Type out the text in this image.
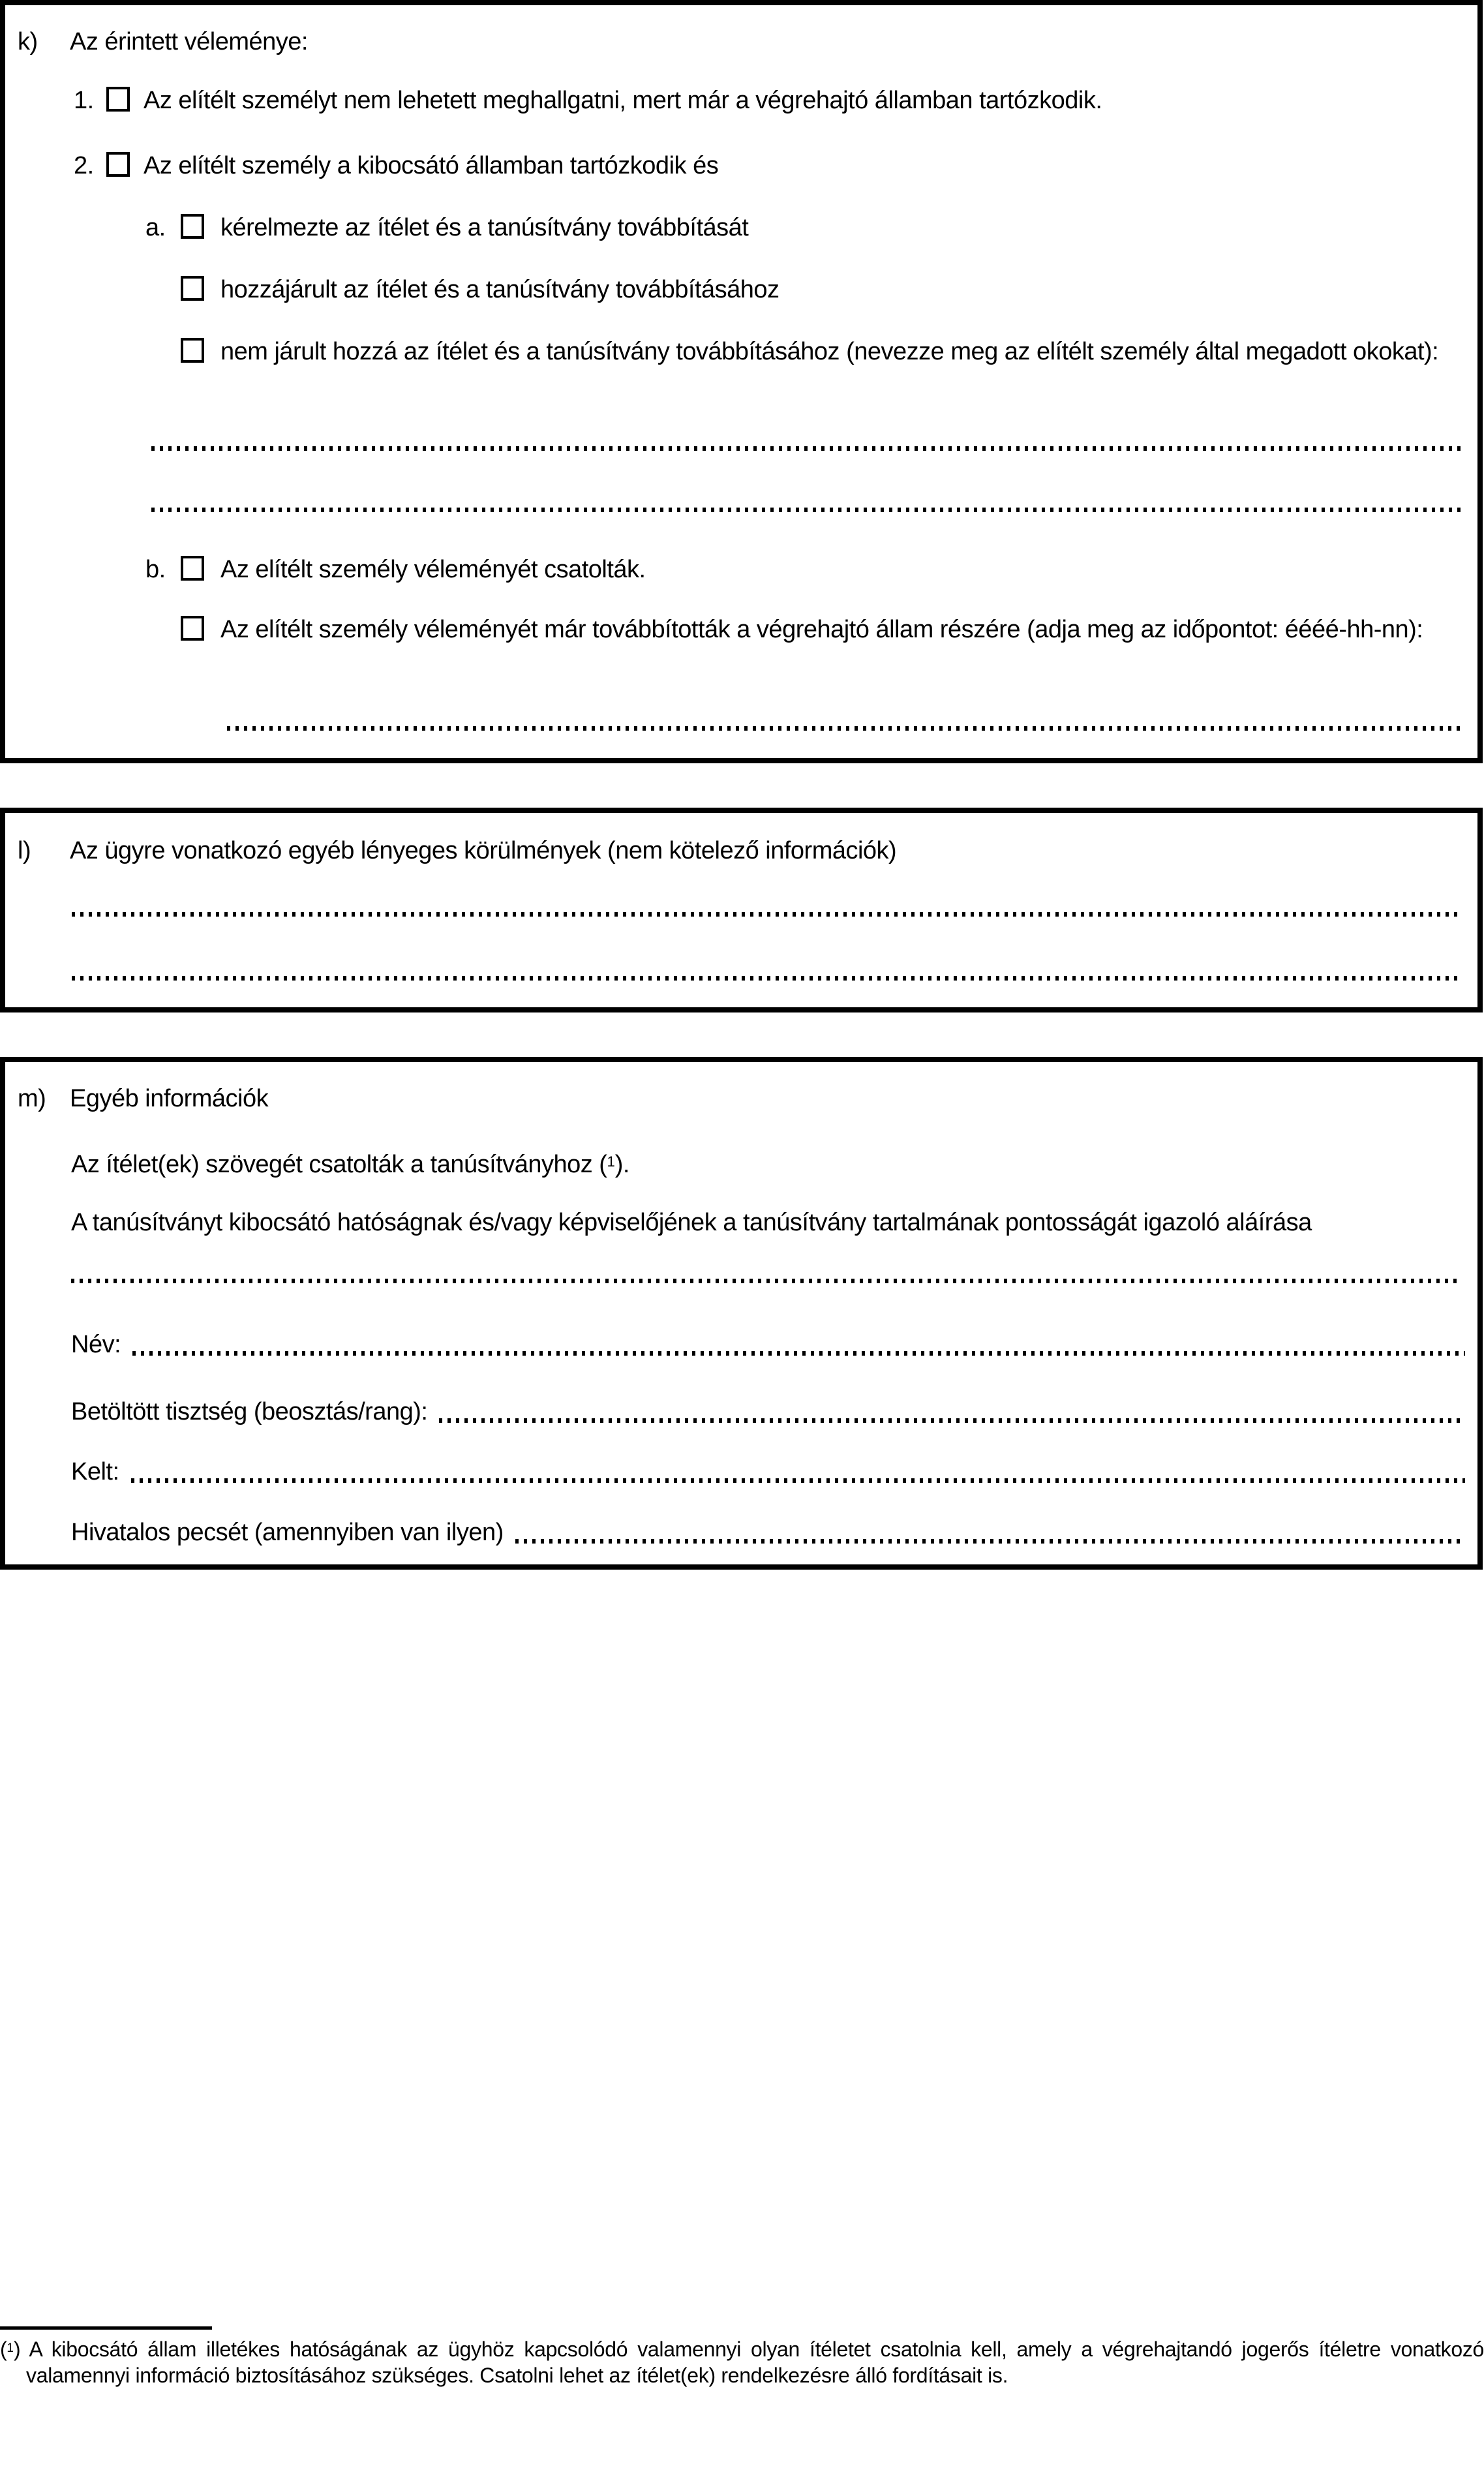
k)	Az érintett véleménye:
1.	Az elítélt személyt nem lehetett meghallgatni, mert már a végrehajtó államban tartózkodik.
2.	Az elítélt személy a kibocsátó államban tartózkodik és
a.	kérelmezte az ítélet és a tanúsítvány továbbítását
hozzájárult az ítélet és a tanúsítvány továbbításához
nem járult hozzá az ítélet és a tanúsítvány továbbításához (nevezze meg az elítélt személy által megadott okokat):
b.	Az elítélt személy véleményét csatolták.
Az elítélt személy véleményét már továbbították a végrehajtó állam részére (adja meg az időpontot: éééé-hh-nn):
l)	Az ügyre vonatkozó egyéb lényeges körülmények (nem kötelező információk)
m) Egyéb információk
Az ítélet(ek) szövegét csatolták a tanúsítványhoz ($^1$).
A tanúsítványt kibocsátó hatóságnak és/vagy képviselőjének a tanúsítvány tartalmának pontosságát igazoló aláírása
Név:
Betöltött tisztség (beosztás/rang):
Kelt:
Hivatalos pecsét (amennyiben van ilyen)

($^1$) A kibocsátó állam illetékes hatóságának az ügyhöz kapcsolódó valamennyi olyan ítéletet csatolnia kell, amely a végrehajtandó jogerős ítéletre vonatkozó valamennyi információ biztosításához szükséges. Csatolni lehet az ítélet(ek) rendelkezésre álló fordításait is.
